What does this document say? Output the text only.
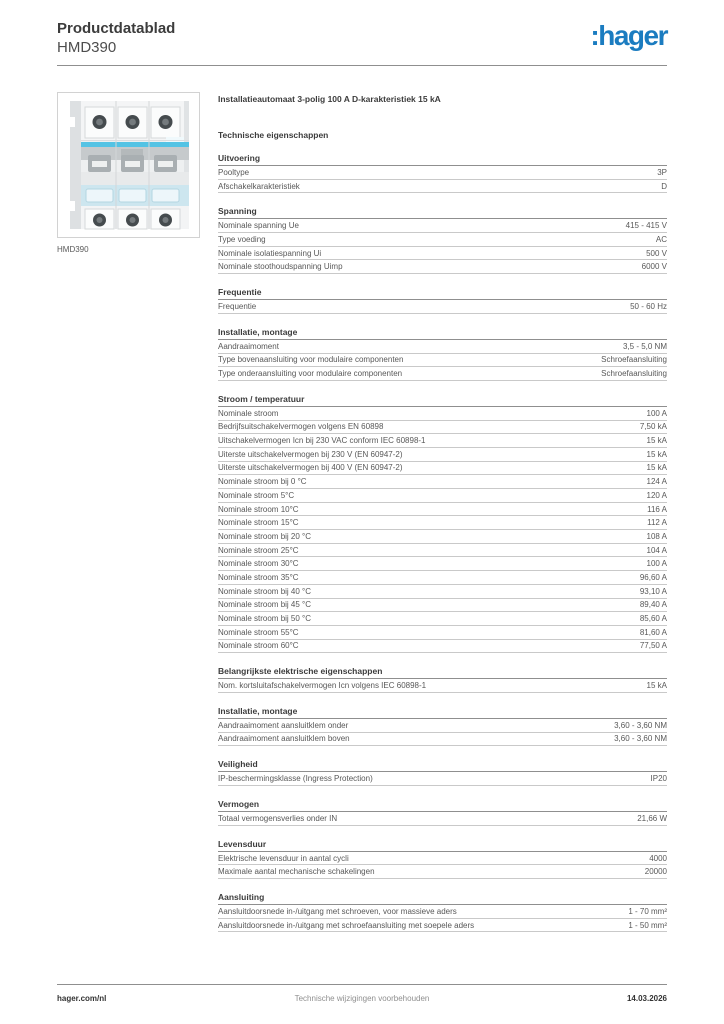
Productdatablad
HMD390	:hager
HMD390
Installatieautomaat 3-polig 100 A D-karakteristiek 15 kA
Technische eigenschappen
Uitvoering
Pooltype	3P
Afschakelkarakteristiek	D
Spanning
Nominale spanning Ue	415 - 415 V
Type voeding	AC
Nominale isolatiespanning Ui	500 V
Nominale stoothoudspanning Uimp	6000 V
Frequentie
Frequentie	50 - 60 Hz
Installatie, montage
Aandraaimoment	3,5 - 5,0 NM
Type bovenaansluiting voor modulaire componenten	Schroefaansluiting
Type onderaansluiting voor modulaire componenten	Schroefaansluiting
Stroom / temperatuur
Nominale stroom	100 A
Bedrijfsuitschakelvermogen volgens EN 60898	7,50 kA
Uitschakelvermogen Icn bij 230 VAC conform IEC 60898-1	15 kA
Uiterste uitschakelvermogen bij 230 V (EN 60947-2)	15 kA
Uiterste uitschakelvermogen bij 400 V (EN 60947-2)	15 kA
Nominale stroom bij 0 °C	124 A
Nominale stroom 5°C	120 A
Nominale stroom 10°C	116 A
Nominale stroom 15°C	112 A
Nominale stroom bij 20 °C	108 A
Nominale stroom 25°C	104 A
Nominale stroom 30°C	100 A
Nominale stroom 35°C	96,60 A
Nominale stroom bij 40 °C	93,10 A
Nominale stroom bij 45 °C	89,40 A
Nominale stroom bij 50 °C	85,60 A
Nominale stroom 55°C	81,60 A
Nominale stroom 60°C	77,50 A
Belangrijkste elektrische eigenschappen
Nom. kortsluitafschakelvermogen Icn volgens IEC 60898-1	15 kA
Installatie, montage
Aandraaimoment aansluitklem onder	3,60 - 3,60 NM
Aandraaimoment aansluitklem boven	3,60 - 3,60 NM
Veiligheid
IP-beschermingsklasse (Ingress Protection)	IP20
Vermogen
Totaal vermogensverlies onder IN	21,66 W
Levensduur
Elektrische levensduur in aantal cycli	4000
Maximale aantal mechanische schakelingen	20000
Aansluiting
Aansluitdoorsnede in-/uitgang met schroeven, voor massieve aders	1 - 70 mm²
Aansluitdoorsnede in-/uitgang met schroefaansluiting met soepele aders	1 - 50 mm²
Technische wijzigingen voorbehouden
hager.com/nl	14.03.2026
